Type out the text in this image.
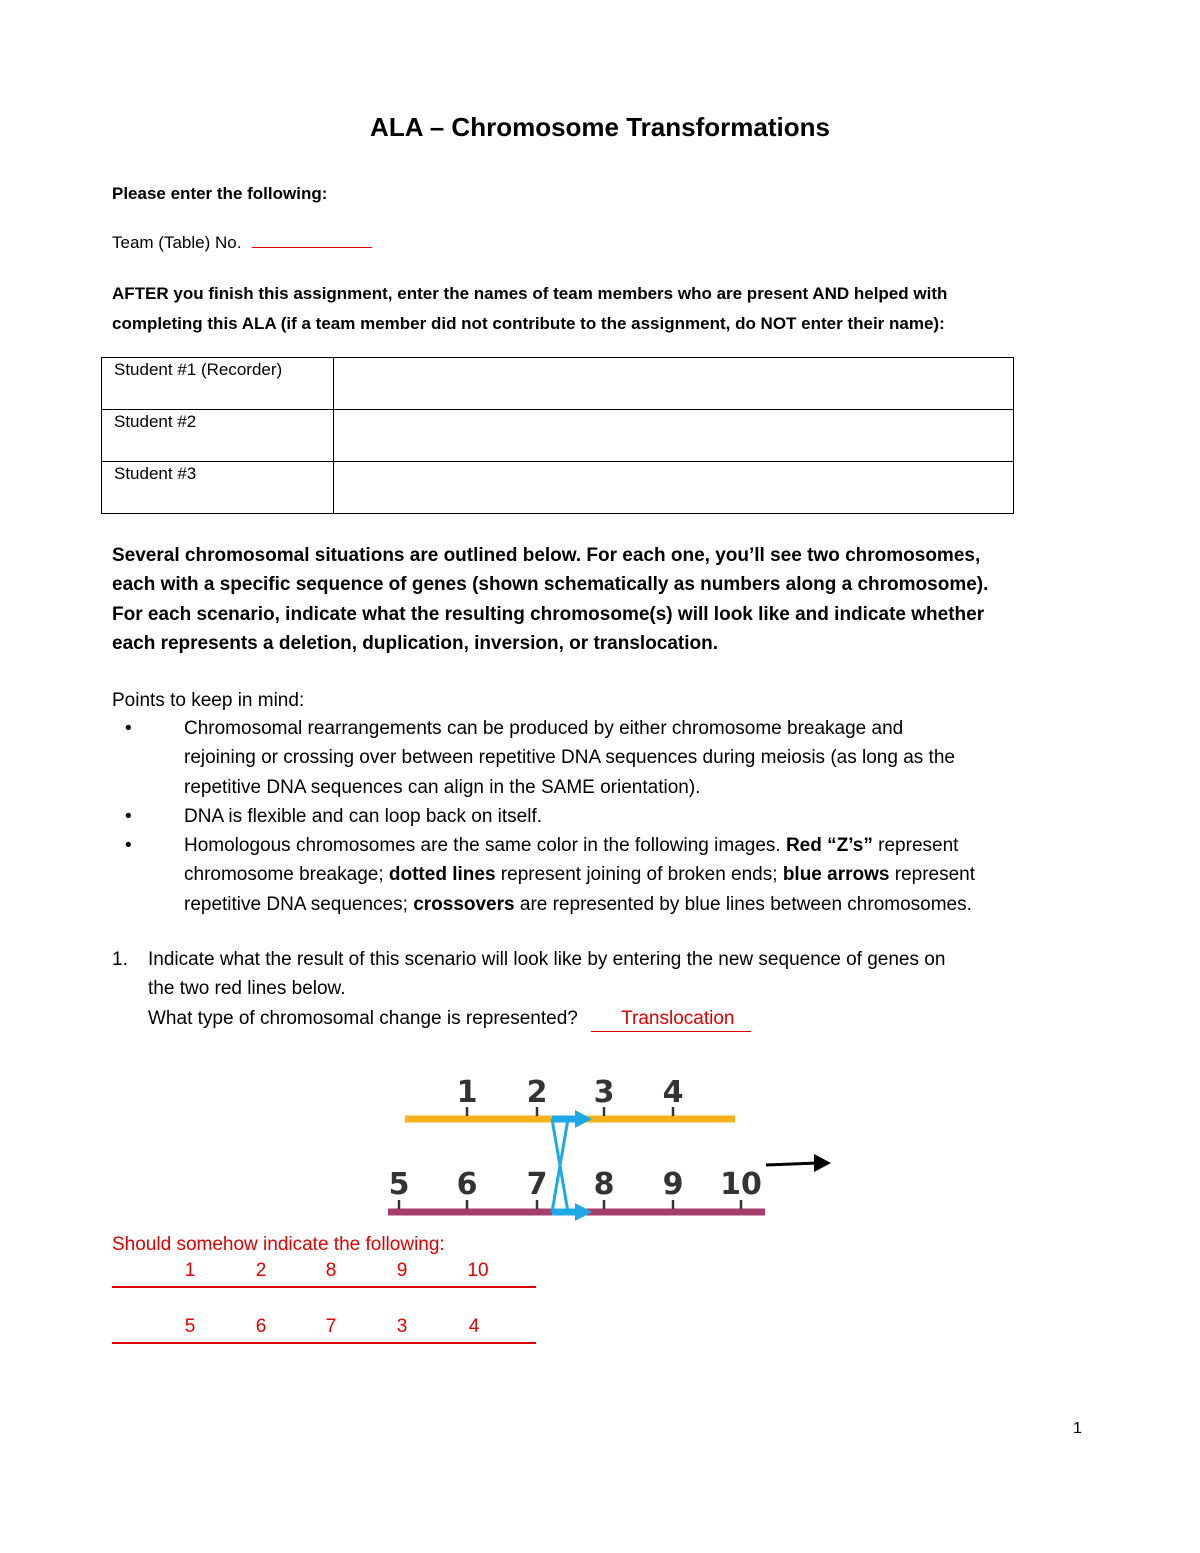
ALA – Chromosome Transformations
Please enter the following:
Team (Table) No.
AFTER you finish this assignment, enter the names of team members who are present AND helped with
completing this ALA (if a team member did not contribute to the assignment, do NOT enter their name):
Student #1 (Recorder)	
Student #2	
Student #3	
Several chromosomal situations are outlined below. For each one, you’ll see two chromosomes,
each with a specific sequence of genes (shown schematically as numbers along a chromosome).
For each scenario, indicate what the resulting chromosome(s) will look like and indicate whether
each represents a deletion, duplication, inversion, or translocation.
Points to keep in mind:
•	Chromosomal rearrangements can be produced by either chromosome breakage and
rejoining or crossing over between repetitive DNA sequences during meiosis (as long as the
repetitive DNA sequences can align in the SAME orientation).
•	DNA is flexible and can loop back on itself.
•	Homologous chromosomes are the same color in the following images. Red “Z’s” represent
chromosome breakage; dotted lines represent joining of broken ends; blue arrows represent
repetitive DNA sequences; crossovers are represented by blue lines between chromosomes.
1. Indicate what the result of this scenario will look like by entering the new sequence of genes on
the two red lines below.
What type of chromosomal change is represented? Translocation
1 2 3 4
5 6 7 8 9 10
Should somehow indicate the following:
1	2	8	9	10
5	6	7	3	4
1
